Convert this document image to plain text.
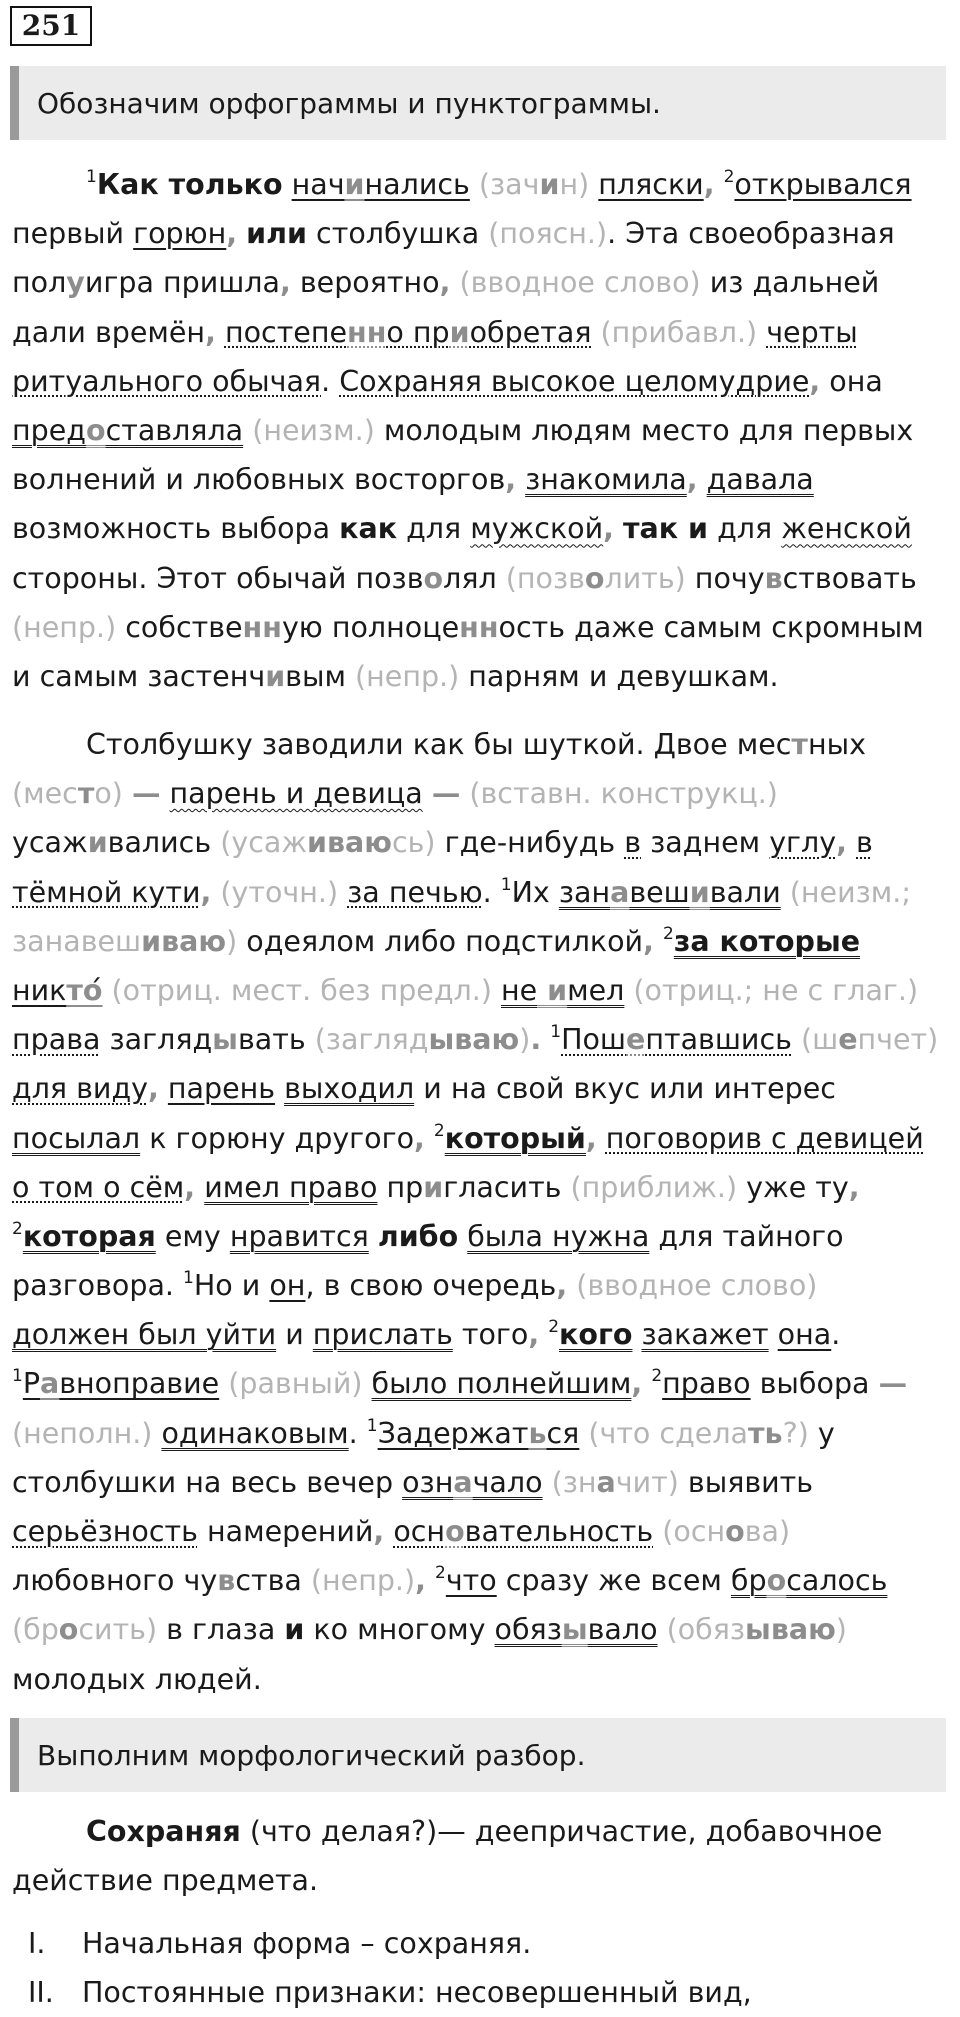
251
Обозначим орфограммы и пунктограммы.
$^1$Как только начинались (зачин) пляски, $^2$открывался
первый горюн, или столбушка (поясн.). Эта своеобразная
полуигра пришла, вероятно, (вводное слово) из дальней
дали времён, постепенно приобретая (прибавл.) черты
ритуального обычая. Сохраняя высокое целомудрие, она
предоставляла (неизм.) молодым людям место для первых
волнений и любовных восторгов, знакомила, давала
возможность выбора как для мужской, так и для женской
стороны. Этот обычай позволял (позволить) почувствовать
(непр.) собственную полноценность даже самым скромным
и самым застенчивым (непр.) парням и девушкам.
Столбушку заводили как бы шуткой. Двое местных
(место) — парень и девица — (вставн. конструкц.)
усаживались (усаживаюсь) где-нибудь в заднем углу, в
тёмной кути, (уточн.) за печью. $^1$Их занавешивали (неизм.;
занавешиваю) одеялом либо подстилкой, $^2$за которые
никто (отриц. мест. без предл.) не имел (отриц.; не с глаг.)
права заглядывать (заглядываю). $^1$Пошептавшись (шепчет)
для виду, парень выходил и на свой вкус или интерес
посылал к горюну другого, $^2$который, поговорив с девицей
о том о сём, имел право пригласить (приближ.) уже ту,
$^2$которая ему нравится либо была нужна для тайного
разговора. $^1$Но и он, в свою очередь, (вводное слово)
должен был уйти и прислать того, $^2$кого закажет она.
$^1$Равноправие (равный) было полнейшим, $^2$право выбора —
(неполн.) одинаковым. $^1$Задержаться (что сделать?) у
столбушки на весь вечер означало (значит) выявить
серьёзность намерений, основательность (основа)
любовного чувства (непр.), $^2$что сразу же всем бросалось
(бросить) в глаза и ко многому обязывало (обязываю)
молодых людей.
Выполним морфологический разбор.
Сохраняя (что делая?)— деепричастие, добавочное
действие предмета.
I. Начальная форма – сохраняя.
II. Постоянные признаки: несовершенный вид,
